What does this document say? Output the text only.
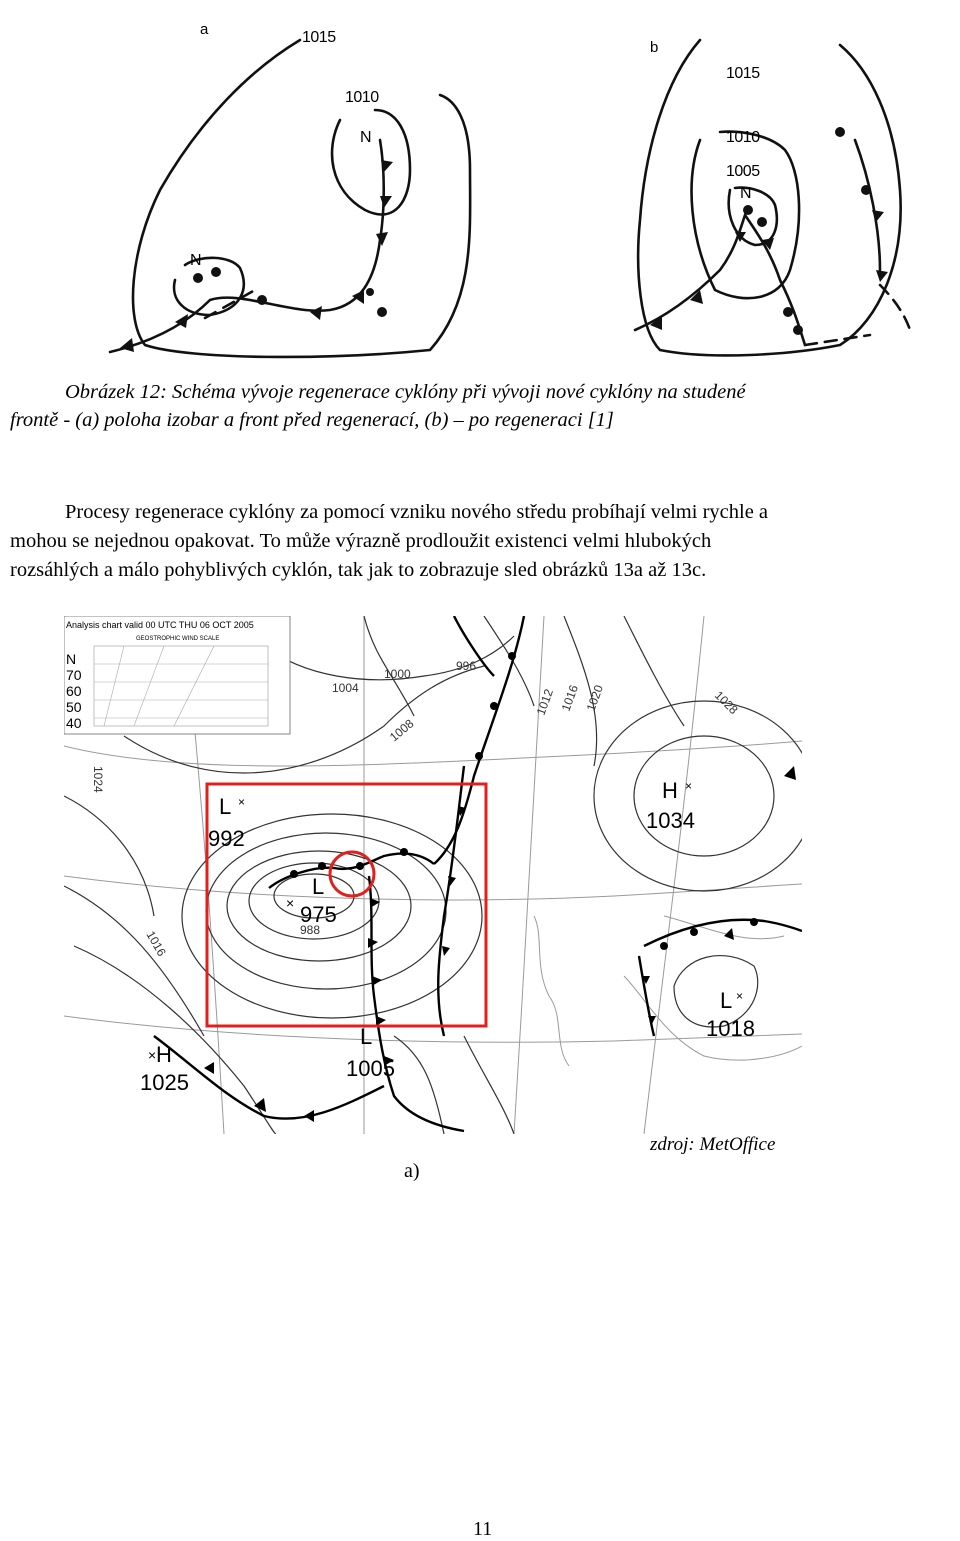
a	1015
1010
N
N
b
1015
1010
1005
N
Obrázek 12: Schéma vývoje regenerace cyklóny při vývoji nové cyklóny na studené
frontě - (a) poloha izobar a front před regenerací, (b) – po regeneraci [1]
Procesy regenerace cyklóny za pomocí vzniku nového středu probíhají velmi rychle a
mohou se nejednou opakovat. To může výrazně prodloužit existenci velmi hlubokých
rozsáhlých a málo pohyblivých cyklón, tak jak to zobrazuje sled obrázků 13a až 13c.
Analysis chart valid 00 UTC THU 06 OCT 2005
GEOSTROPHIC WIND SCALE
N
70
60
50
40
1000
1004
1008
1012 1016 1020
1024
1028
996
988
1016
L
992
L
975
L
1005
H
1034
H
1025
L
1018
×
×
×
×
×
zdroj: MetOffice
a)
11
